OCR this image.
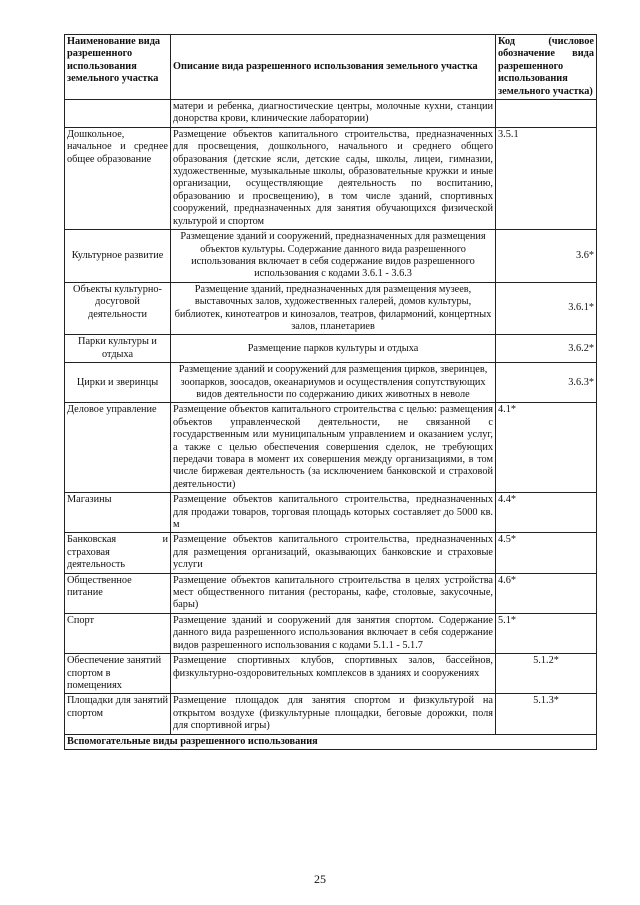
Наименование вида разрешенного использования земельного участка	Описание вида разрешенного использования земельного участка	Код (числовое обозначение вида разрешенного использования земельного участка)
	матери и ребенка, диагностические центры, молочные кухни, станции донорства крови, клинические лаборатории)	
Дошкольное, начальное и среднее общее образование	Размещение объектов капитального строительства, предназначенных для просвещения, дошкольного, начального и среднего общего образования (детские ясли, детские сады, школы, лицеи, гимназии, художественные, музыкальные школы, образовательные кружки и иные организации, осуществляющие деятельность по воспитанию, образованию и просвещению), в том числе зданий, спортивных сооружений, предназначенных для занятия обучающихся физической культурой и спортом	3.5.1
Культурное развитие	Размещение зданий и сооружений, предназначенных для размещения объектов культуры. Содержание данного вида разрешенного использования включает в себя содержание видов разрешенного использования с кодами 3.6.1 - 3.6.3	3.6*
Объекты культурно-досуговой деятельности	Размещение зданий, предназначенных для размещения музеев, выставочных залов, художественных галерей, домов культуры, библиотек, кинотеатров и кинозалов, театров, филармоний, концертных залов, планетариев	3.6.1*
Парки культуры и отдыха	Размещение парков культуры и отдыха	3.6.2*
Цирки и зверинцы	Размещение зданий и сооружений для размещения цирков, зверинцев, зоопарков, зоосадов, океанариумов и осуществления сопутствующих видов деятельности по содержанию диких животных в неволе	3.6.3*
Деловое управление	Размещение объектов капитального строительства с целью: размещения объектов управленческой деятельности, не связанной с государственным или муниципальным управлением и оказанием услуг, а также с целью обеспечения совершения сделок, не требующих передачи товара в момент их совершения между организациями, в том числе биржевая деятельность (за исключением банковской и страховой деятельности)	4.1*
Магазины	Размещение объектов капитального строительства, предназначенных для продажи товаров, торговая площадь которых составляет до 5000 кв. м	4.4*
Банковская и страховая деятельность	Размещение объектов капитального строительства, предназначенных для размещения организаций, оказывающих банковские и страховые услуги	4.5*
Общественное питание	Размещение объектов капитального строительства в целях устройства мест общественного питания (рестораны, кафе, столовые, закусочные, бары)	4.6*
Спорт	Размещение зданий и сооружений для занятия спортом. Содержание данного вида разрешенного использования включает в себя содержание видов разрешенного использования с кодами 5.1.1 - 5.1.7	5.1*
Обеспечение занятий спортом в помещениях	Размещение спортивных клубов, спортивных залов, бассейнов, физкультурно-оздоровительных комплексов в зданиях и сооружениях	5.1.2*
Площадки для занятий спортом	Размещение площадок для занятия спортом и физкультурой на открытом воздухе (физкультурные площадки, беговые дорожки, поля для спортивной игры)	5.1.3*
Вспомогательные виды разрешенного использования		
25
